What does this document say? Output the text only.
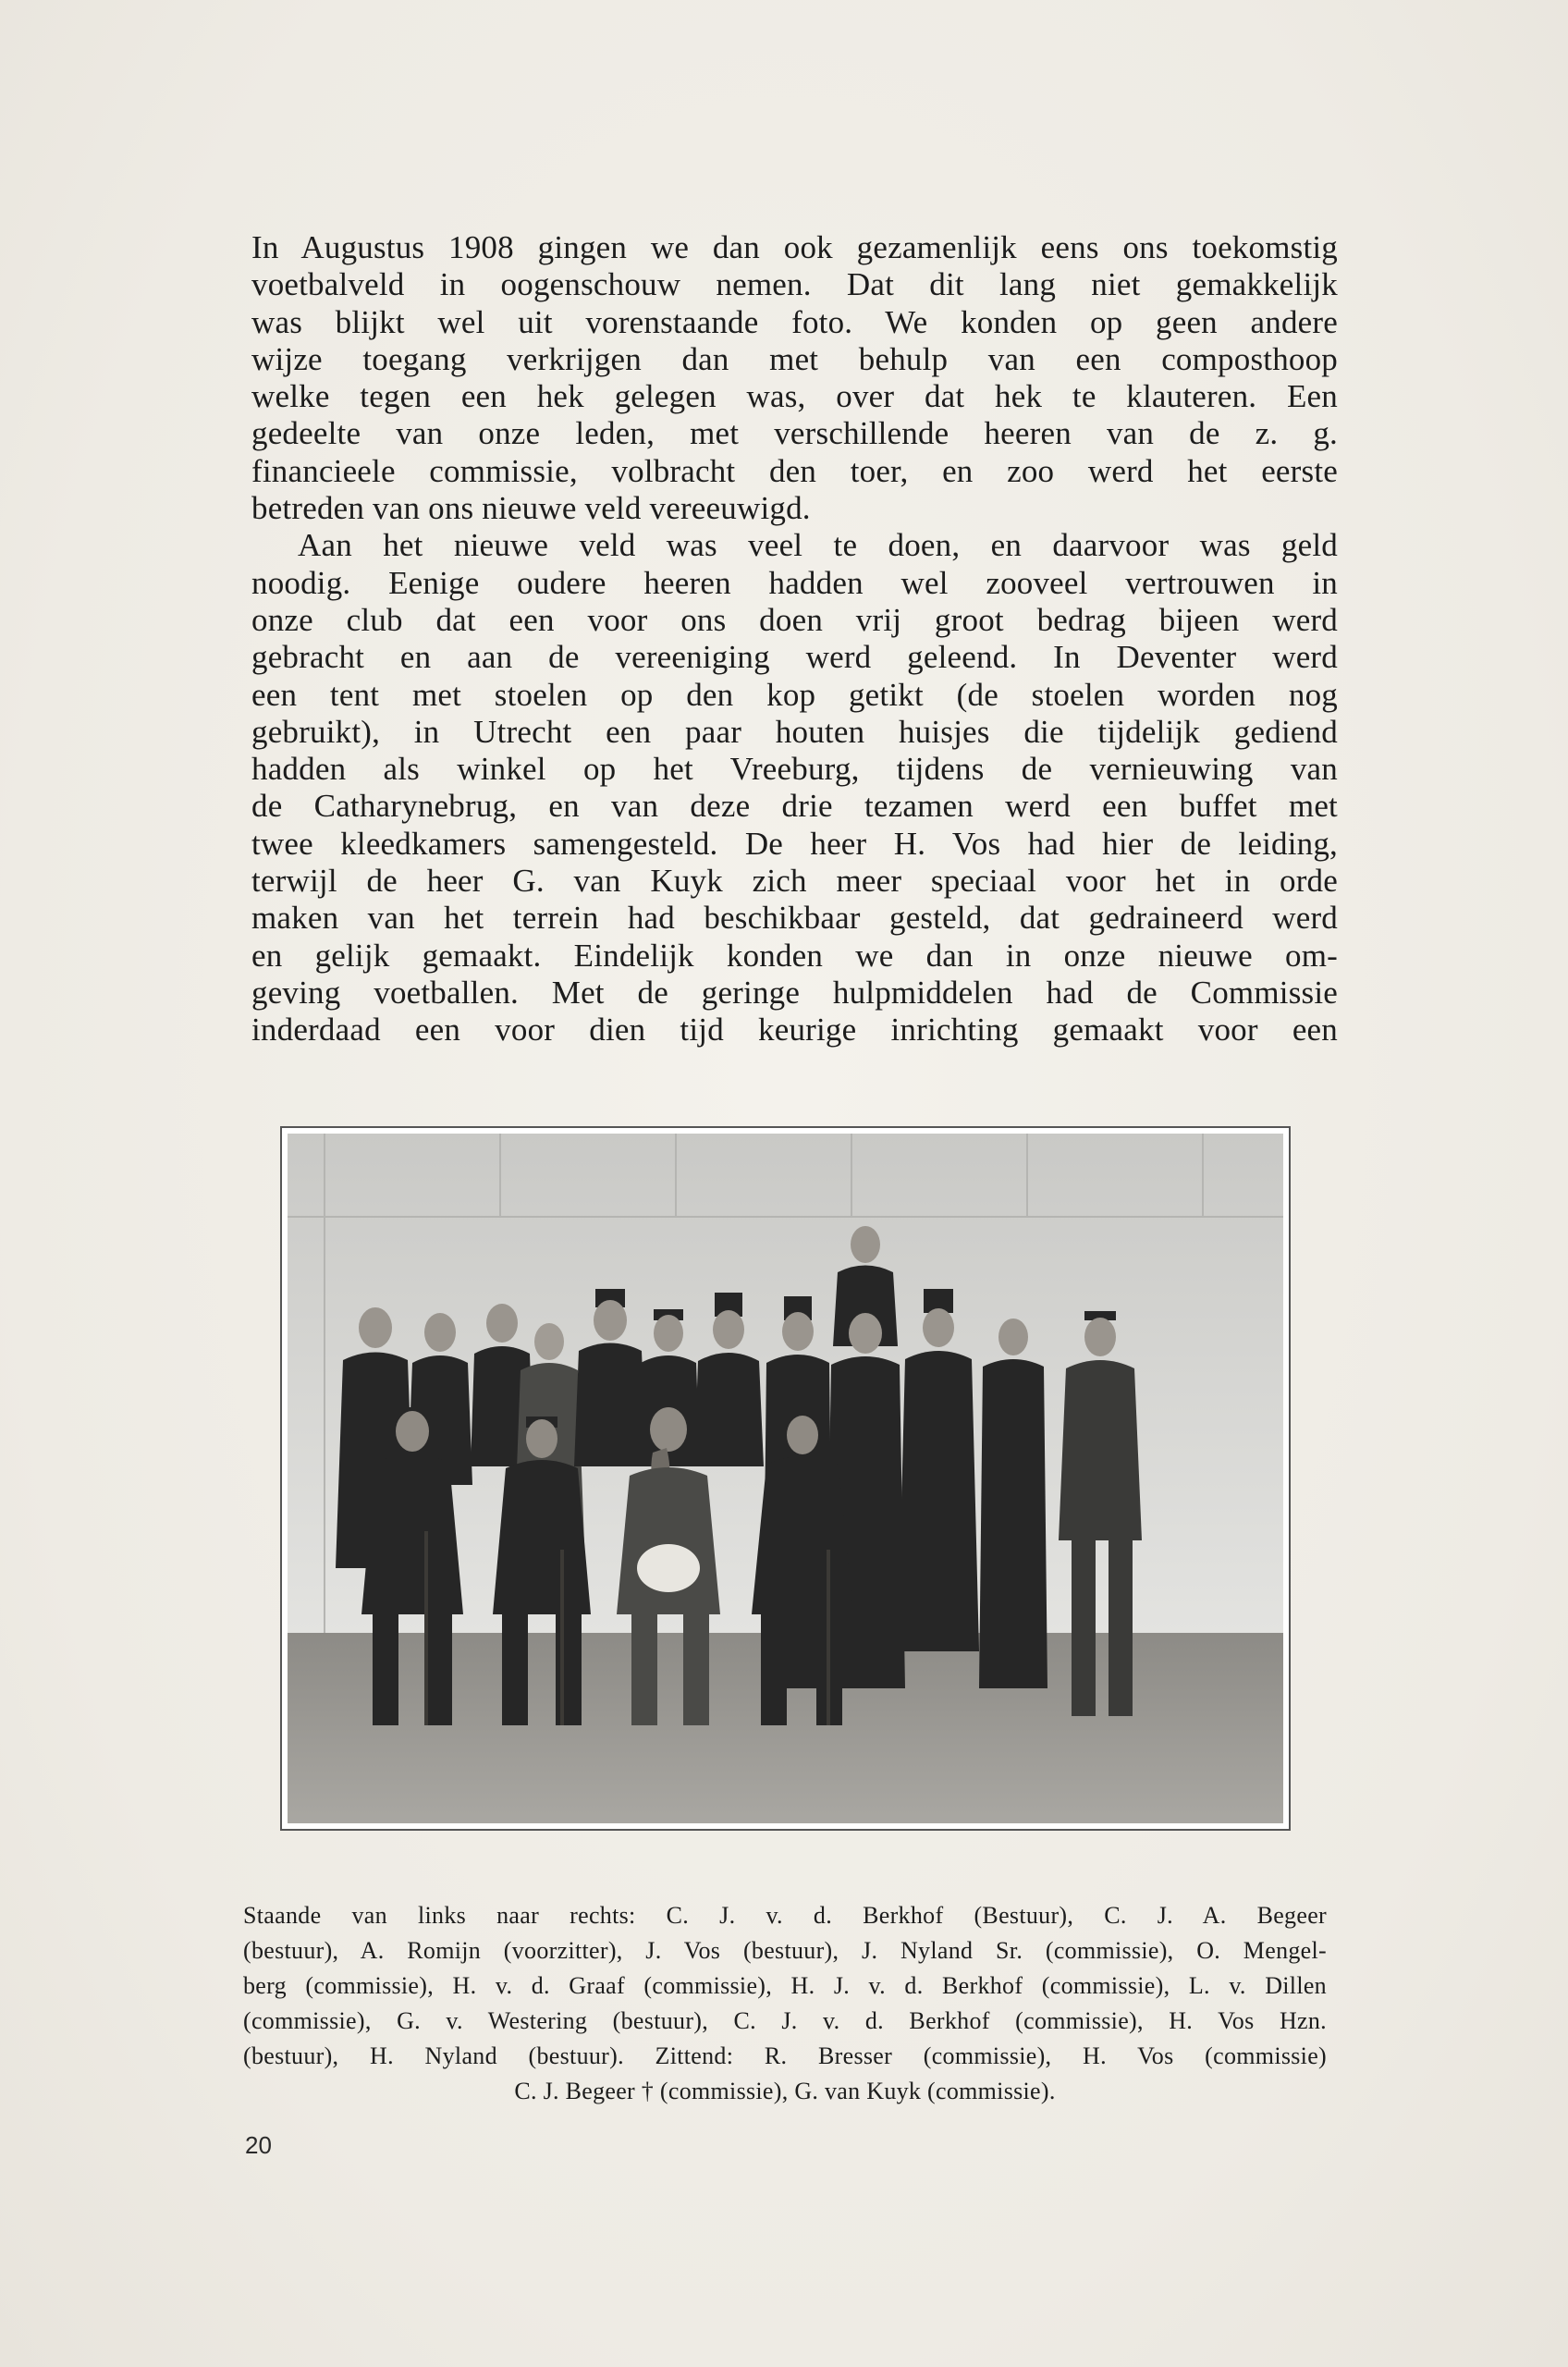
In Augustus 1908 gingen we dan ook gezamenlijk eens ons toekomstig
voetbalveld in oogenschouw nemen. Dat dit lang niet gemakkelijk
was blijkt wel uit vorenstaande foto. We konden op geen andere
wijze toegang verkrijgen dan met behulp van een composthoop
welke tegen een hek gelegen was, over dat hek te klauteren. Een
gedeelte van onze leden, met verschillende heeren van de z. g.
financieele commissie, volbracht den toer, en zoo werd het eerste
betreden van ons nieuwe veld vereeuwigd.
Aan het nieuwe veld was veel te doen, en daarvoor was geld
noodig. Eenige oudere heeren hadden wel zooveel vertrouwen in
onze club dat een voor ons doen vrij groot bedrag bijeen werd
gebracht en aan de vereeniging werd geleend. In Deventer werd
een tent met stoelen op den kop getikt (de stoelen worden nog
gebruikt), in Utrecht een paar houten huisjes die tijdelijk gediend
hadden als winkel op het Vreeburg, tijdens de vernieuwing van
de Catharynebrug, en van deze drie tezamen werd een buffet met
twee kleedkamers samengesteld. De heer H. Vos had hier de leiding,
terwijl de heer G. van Kuyk zich meer speciaal voor het in orde
maken van het terrein had beschikbaar gesteld, dat gedraineerd werd
en gelijk gemaakt. Eindelijk konden we dan in onze nieuwe om-
geving voetballen. Met de geringe hulpmiddelen had de Commissie
inderdaad een voor dien tijd keurige inrichting gemaakt voor een
Staande van links naar rechts: C. J. v. d. Berkhof (Bestuur), C. J. A. Begeer
(bestuur), A. Romijn (voorzitter), J. Vos (bestuur), J. Nyland Sr. (commissie), O. Mengel-
berg (commissie), H. v. d. Graaf (commissie), H. J. v. d. Berkhof (commissie), L. v. Dillen
(commissie), G. v. Westering (bestuur), C. J. v. d. Berkhof (commissie), H. Vos Hzn.
(bestuur), H. Nyland (bestuur). Zittend: R. Bresser (commissie), H. Vos (commissie)
C. J. Begeer † (commissie), G. van Kuyk (commissie).
20
